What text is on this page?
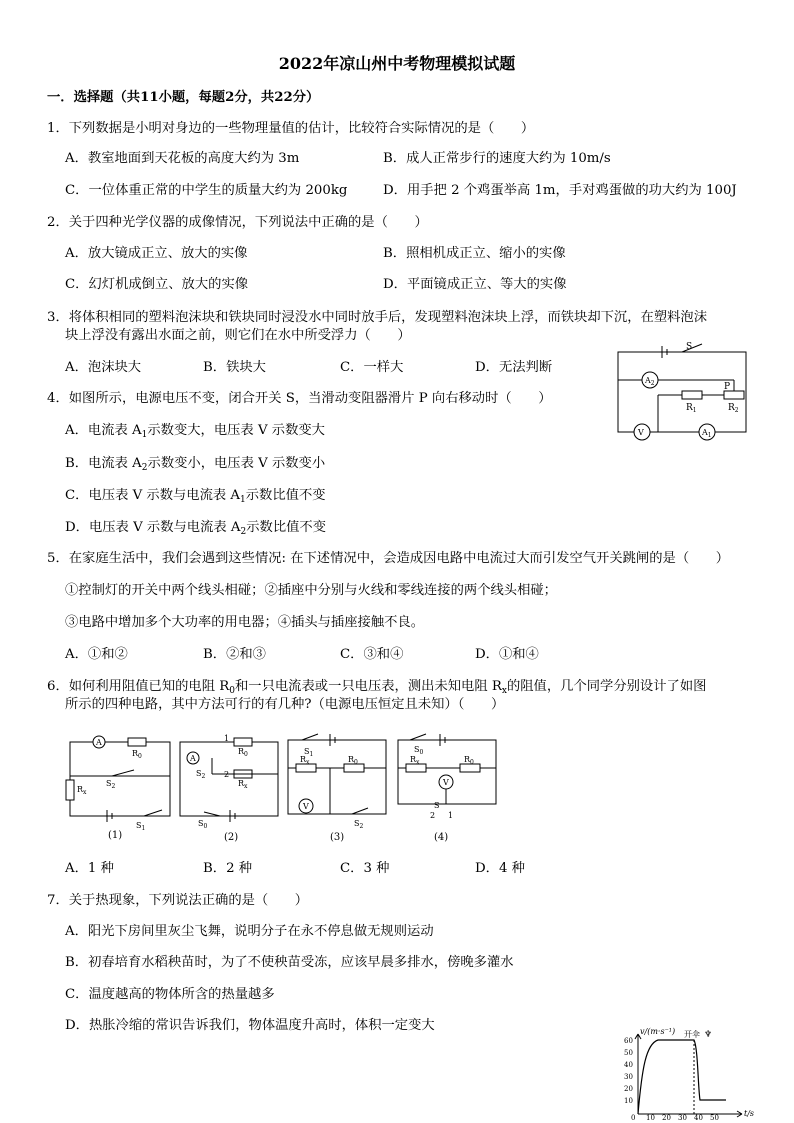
2022年凉山州中考物理模拟试题
一．选择题（共11小题，每题2分，共22分）
1．下列数据是小明对身边的一些物理量值的估计，比较符合实际情况的是（　　）
A．教室地面到天花板的高度大约为 3m	B．成人正常步行的速度大约为 10m/s
C．一位体重正常的中学生的质量大约为 200kg	D．用手把 2 个鸡蛋举高 1m，手对鸡蛋做的功大约为 100J
2．关于四种光学仪器的成像情况，下列说法中正确的是（　　）
A．放大镜成正立、放大的实像	B．照相机成正立、缩小的实像
C．幻灯机成倒立、放大的实像	D．平面镜成正立、等大的实像
3．将体积相同的塑料泡沫块和铁块同时浸没水中同时放手后，发现塑料泡沫块上浮，而铁块却下沉，在塑料泡沫
块上浮没有露出水面之前，则它们在水中所受浮力（　　）
A．泡沫块大	B．铁块大	C．一样大	D．无法判断
4．如图所示，电源电压不变，闭合开关 S，当滑动变阻器滑片 P 向右移动时（　　）
A．电流表 $A_1$示数变大，电压表 V 示数变大
B．电流表 $A_2$示数变小，电压表 V 示数变小
C．电压表 V 示数与电流表 $A_1$示数比值不变
D．电压表 V 示数与电流表 $A_2$示数比值不变
S
$A_2$	P
$R_1$	$R_2$
V	$A_1$
5．在家庭生活中，我们会遇到这些情况: 在下述情况中，会造成因电路中电流过大而引发空气开关跳闸的是（　　）
①控制灯的开关中两个线头相碰；②插座中分别与火线和零线连接的两个线头相碰；
③电路中增加多个大功率的用电器；④插头与插座接触不良。
A．①和②	B．②和③	C．③和④	D．①和④
6．如何利用阻值已知的电阻 $R_0$和一只电流表或一只电压表，测出未知电阻 $R_x$的阻值，几个同学分别设计了如图
所示的四种电路，其中方法可行的有几种?（电源电压恒定且未知）（　　）
(1)	(2)	(3)	(4)
A
$R_0$
$S_2$
$R_x$
$S_1$
A
1
2
$R_0$
$R_x$
$S_2$
$S_0$
$S_1$
$R_x$	$R_0$
V
$S_2$
$S_0$
$R_x$	$R_0$
V
S
2 1
A．1 种	B．2 种	C．3 种	D．4 种
7．关于热现象，下列说法正确的是（　　）
A．阳光下房间里灰尘飞舞，说明分子在永不停息做无规则运动
B．初春培育水稻秧苗时，为了不使秧苗受冻，应该早晨多排水，傍晚多灌水
C．温度越高的物体所含的热量越多
D．热胀冷缩的常识告诉我们，物体温度升高时，体积一定变大	v/(m·s⁻¹)
t/s
开伞 ♆
60
50
40
30
20
10
0 10 20 30 40 50
